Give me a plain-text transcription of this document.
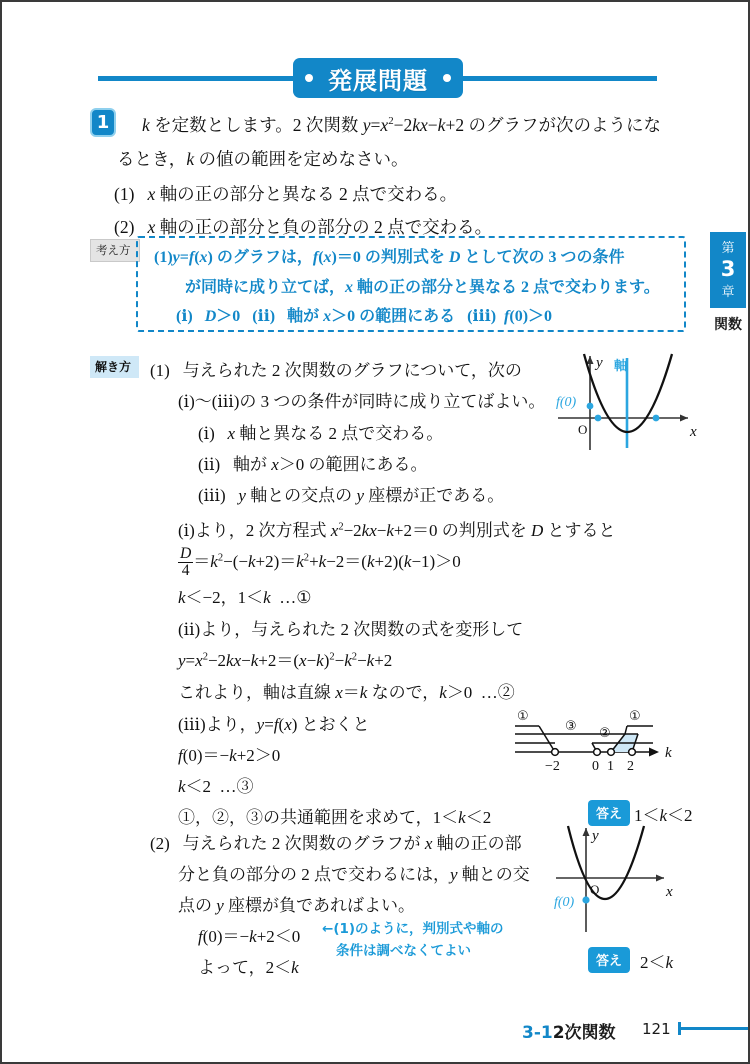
発展問題
第
3
章
関数
1	k を定数とします。2 次関数 $y=x^2-2kx-k+2$ のグラフが次のようにな
るとき，k の値の範囲を定めなさい。
(1) x 軸の正の部分と異なる 2 点で交わる。
(2) x 軸の正の部分と負の部分の 2 点で交わる。
考え方	(1)y=f(x) のグラフは，f(x)＝0 の判別式を D として次の 3 つの条件
が同時に成り立てば，x 軸の正の部分と異なる 2 点で交わります。
(ⅰ)   D＞0   (ⅱ)   軸が x＞0 の範囲にある   (ⅲ)  f(0)＞0
解き方	(1)   与えられた 2 次関数のグラフについて，次の
(ⅰ)〜(ⅲ)の 3 つの条件が同時に成り立てばよい。
(ⅰ)   x 軸と異なる 2 点で交わる。
(ⅱ)   軸が x＞0 の範囲にある。
(ⅲ)   y 軸との交点の y 座標が正である。
(ⅰ)より，2 次方程式 $x^2-2kx-k+2=0$ の判別式を D とすると
$\frac{D}{4} =k^2-(-k+2)=k^2+k-2=(k+2)(k-1)>0$
k＜−2，1＜k  …①
(ⅱ)より，与えられた 2 次関数の式を変形して
$y=x^2-2kx-k+2=(x-k)^2-k^2-k+2$
これより，軸は直線 x＝k なので，k＞0  …②
(ⅲ)より，y=f(x) とおくと
f(0)＝−k+2＞0
k＜2  …③
①，②，③の共通範囲を求めて，1＜k＜2	答え 1＜k＜2
(2)   与えられた 2 次関数のグラフが x 軸の正の部
分と負の部分の 2 点で交わるには，y 軸との交
点の y 座標が負であればよい。
f(0)＝−k+2＜0
よって，2＜k
←(1)のように，判別式や軸の
条件は調べなくてよい
答え	2＜k
y
x
O
軸
f(0)
k
−2 0 1 2
①
③ ②
①
y
x
O
f(0)
3-12次関数 121
